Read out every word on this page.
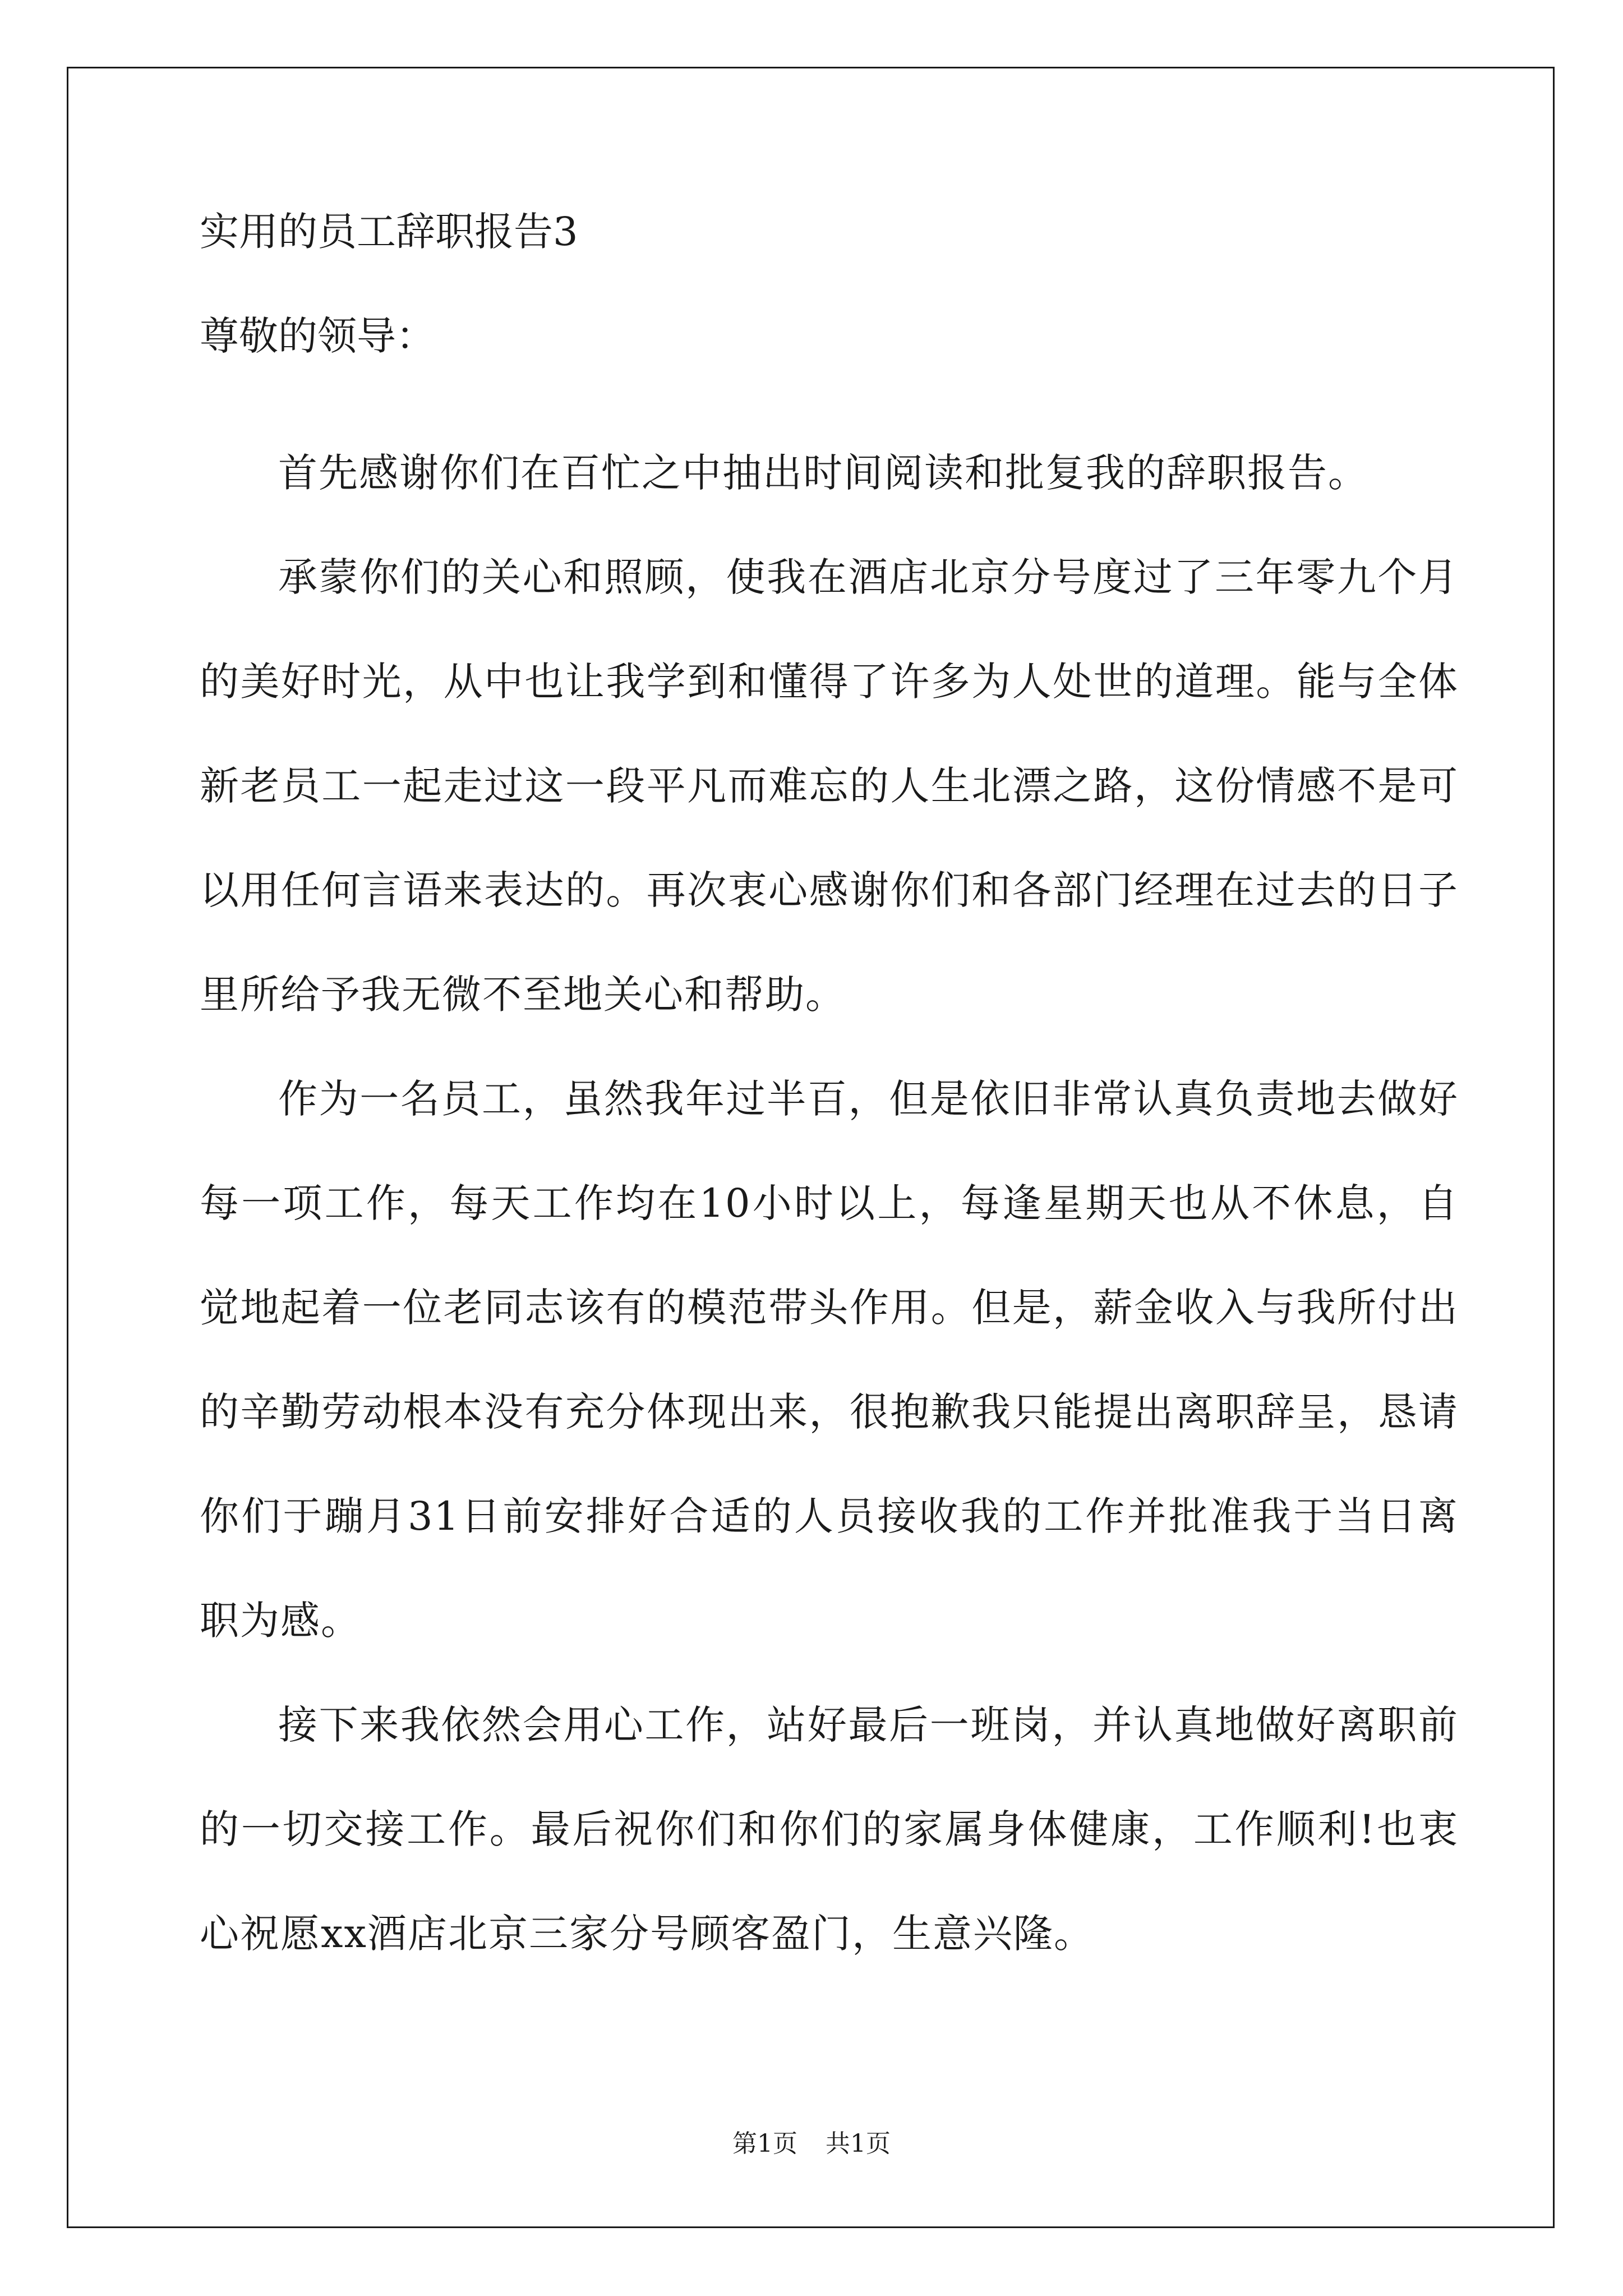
实用的员工辞职报告3

尊敬的领导：

首先感谢你们在百忙之中抽出时间阅读和批复我的辞职报告。

承蒙你们的关心和照顾，使我在酒店北京分号度过了三年零九个月的美好时光，从中也让我学到和懂得了许多为人处世的道理。能与全体新老员工一起走过这一段平凡而难忘的人生北漂之路，这份情感不是可以用任何言语来表达的。再次衷心感谢你们和各部门经理在过去的日子里所给予我无微不至地关心和帮助。

作为一名员工，虽然我年过半百，但是依旧非常认真负责地去做好每一项工作，每天工作均在10小时以上，每逢星期天也从不休息，自觉地起着一位老同志该有的模范带头作用。但是，薪金收入与我所付出的辛勤劳动根本没有充分体现出来，很抱歉我只能提出离职辞呈，恳请你们于蹦月31日前安排好合适的人员接收我的工作并批准我于当日离职为感。

接下来我依然会用心工作，站好最后一班岗，并认真地做好离职前的一切交接工作。最后祝你们和你们的家属身体健康，工作顺利!也衷心祝愿xx酒店北京三家分号顾客盈门，生意兴隆。

第1页 共1页
